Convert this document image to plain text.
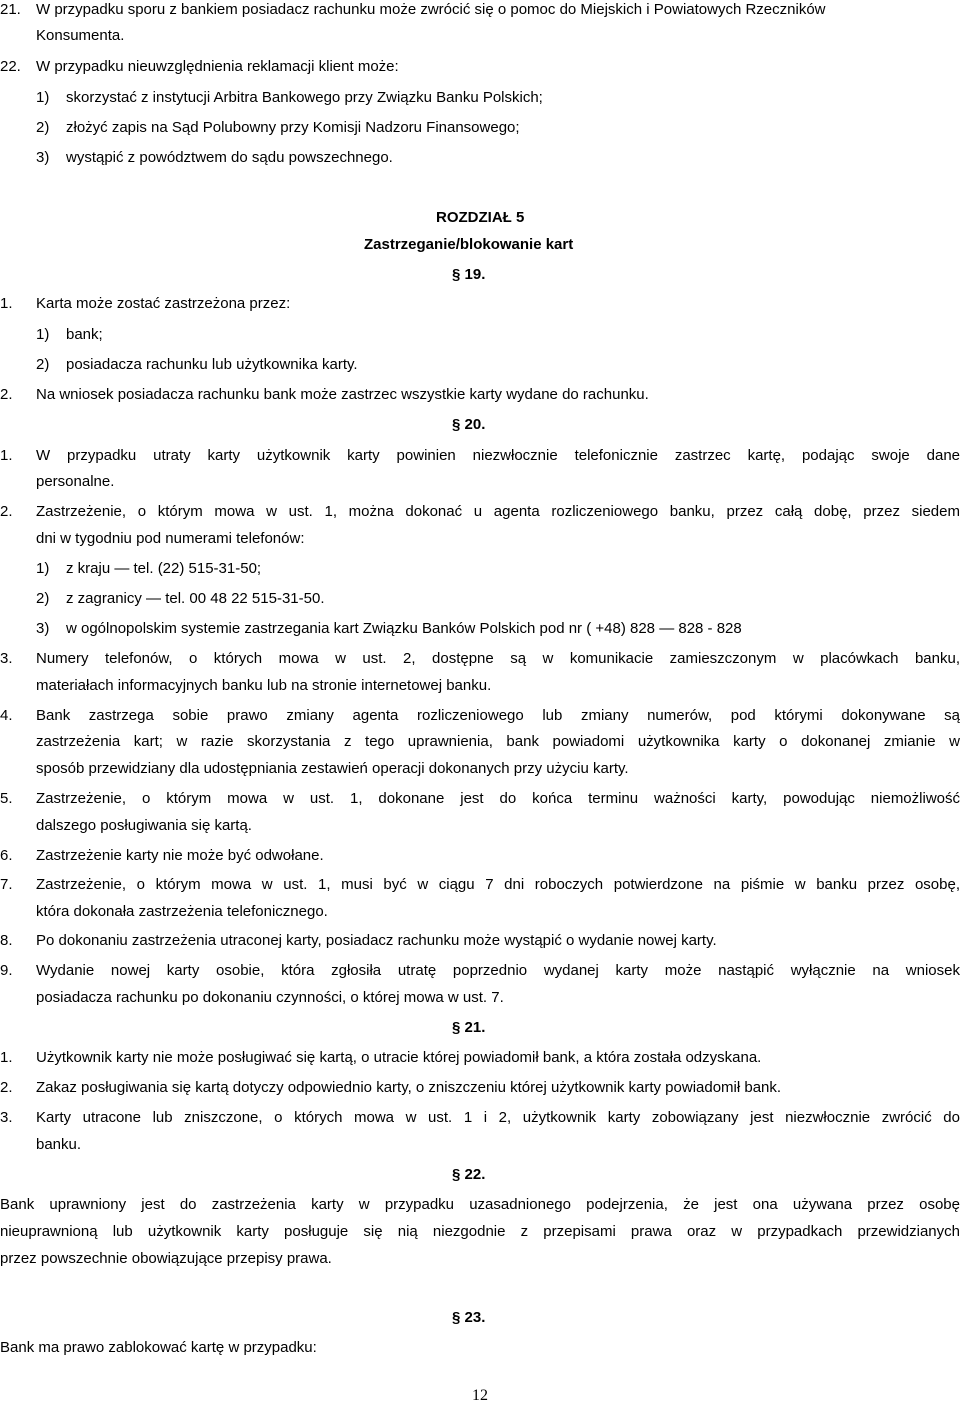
21. W przypadku sporu z bankiem posiadacz rachunku może zwrócić się o pomoc do Miejskich i Powiatowych Rzeczników
Konsumenta.
22. W przypadku nieuwzględnienia reklamacji klient może:
1) skorzystać z instytucji Arbitra Bankowego przy Związku Banku Polskich;
2) złożyć zapis na Sąd Polubowny przy Komisji Nadzoru Finansowego;
3) wystąpić z powództwem do sądu powszechnego.
ROZDZIAŁ 5
Zastrzeganie/blokowanie kart
§ 19.
1. Karta może zostać zastrzeżona przez:
1) bank;
2) posiadacza rachunku lub użytkownika karty.
2. Na wniosek posiadacza rachunku bank może zastrzec wszystkie karty wydane do rachunku.
§ 20.
1. W przypadku utraty karty użytkownik karty powinien niezwłocznie telefonicznie zastrzec kartę, podając swoje dane
personalne.
2. Zastrzeżenie, o którym mowa w ust. 1, można dokonać u agenta rozliczeniowego banku, przez całą dobę, przez siedem
dni w tygodniu pod numerami telefonów:
1) z kraju — tel. (22) 515-31-50;
2) z zagranicy — tel. 00 48 22 515-31-50.
3) w ogólnopolskim systemie zastrzegania kart Związku Banków Polskich pod nr ( +48) 828 — 828 - 828
3. Numery telefonów, o których mowa w ust. 2, dostępne są w komunikacie zamieszczonym w placówkach banku,
materiałach informacyjnych banku lub na stronie internetowej banku.
4. Bank zastrzega sobie prawo zmiany agenta rozliczeniowego lub zmiany numerów, pod którymi dokonywane są
zastrzeżenia kart; w razie skorzystania z tego uprawnienia, bank powiadomi użytkownika karty o dokonanej zmianie w
sposób przewidziany dla udostępniania zestawień operacji dokonanych przy użyciu karty.
5. Zastrzeżenie, o którym mowa w ust. 1, dokonane jest do końca terminu ważności karty, powodując niemożliwość
dalszego posługiwania się kartą.
6. Zastrzeżenie karty nie może być odwołane.
7. Zastrzeżenie, o którym mowa w ust. 1, musi być w ciągu 7 dni roboczych potwierdzone na piśmie w banku przez osobę,
która dokonała zastrzeżenia telefonicznego.
8. Po dokonaniu zastrzeżenia utraconej karty, posiadacz rachunku może wystąpić o wydanie nowej karty.
9. Wydanie nowej karty osobie, która zgłosiła utratę poprzednio wydanej karty może nastąpić wyłącznie na wniosek
posiadacza rachunku po dokonaniu czynności, o której mowa w ust. 7.
§ 21.
1. Użytkownik karty nie może posługiwać się kartą, o utracie której powiadomił bank, a która została odzyskana.
2. Zakaz posługiwania się kartą dotyczy odpowiednio karty, o zniszczeniu której użytkownik karty powiadomił bank.
3. Karty utracone lub zniszczone, o których mowa w ust. 1 i 2, użytkownik karty zobowiązany jest niezwłocznie zwrócić do
banku.
§ 22.
Bank uprawniony jest do zastrzeżenia karty w przypadku uzasadnionego podejrzenia, że jest ona używana przez osobę
nieuprawnioną lub użytkownik karty posługuje się nią niezgodnie z przepisami prawa oraz w przypadkach przewidzianych
przez powszechnie obowiązujące przepisy prawa.
§ 23.
Bank ma prawo zablokować kartę w przypadku:
12
